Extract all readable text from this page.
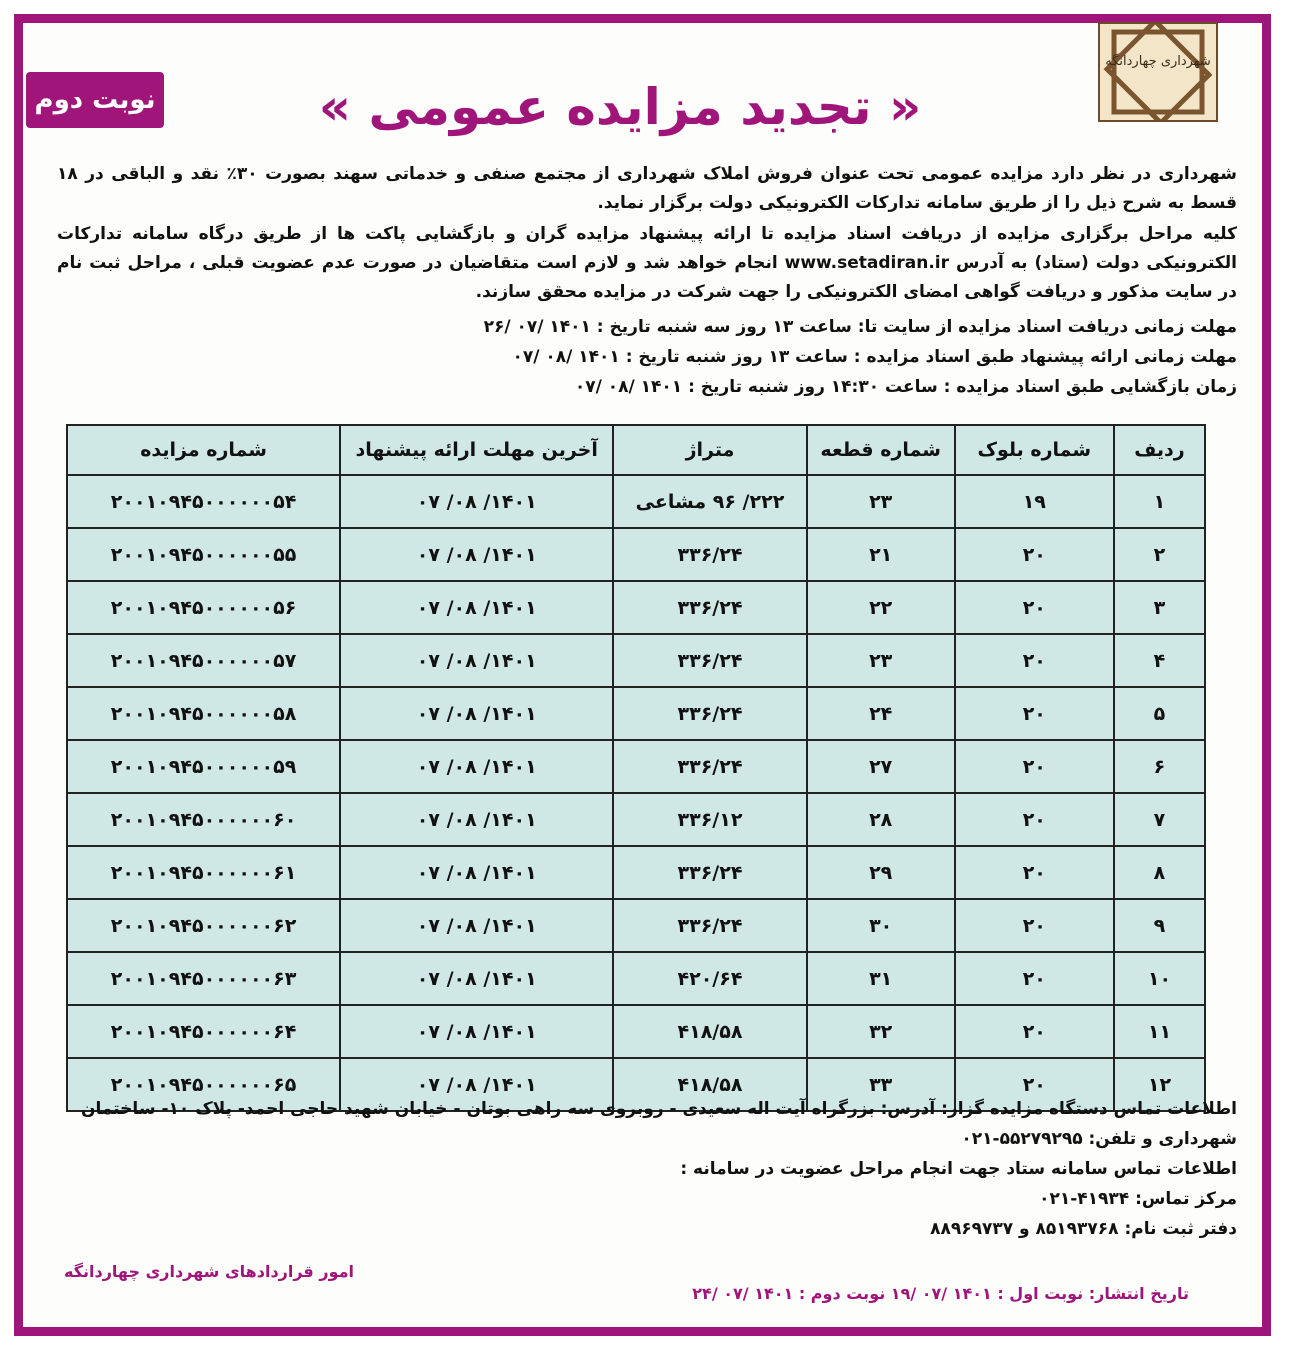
نوبت دوم
شهرداری چهاردانگه
« تجدید مزایده عمومی »

شهرداری در نظر دارد مزایده عمومی تحت عنوان فروش املاک شهرداری از مجتمع صنفی و خدماتی سهند بصورت ۳۰٪ نقد و الباقی در ۱۸ قسط به شرح ذیل را از طریق سامانه تدارکات الکترونیکی دولت برگزار نماید.

کلیه مراحل برگزاری مزایده از دریافت اسناد مزایده تا ارائه پیشنهاد مزایده گران و بازگشایی پاکت ها از طریق درگاه سامانه تدارکات الکترونیکی دولت (ستاد) به آدرس www.setadiran.ir انجام خواهد شد و لازم است متقاضیان در صورت عدم عضویت قبلی ، مراحل ثبت نام در سایت مذکور و دریافت گواهی امضای الکترونیکی را جهت شرکت در مزایده محقق سازند.

مهلت زمانی دریافت اسناد مزایده از سایت تا: ساعت ۱۳ روز سه شنبه تاریخ : ۱۴۰۱ /۰۷ /۲۶
مهلت زمانی ارائه پیشنهاد طبق اسناد مزایده : ساعت ۱۳ روز شنبه تاریخ : ۱۴۰۱ /۰۸ /۰۷
زمان بازگشایی طبق اسناد مزایده : ساعت ۱۴:۳۰ روز شنبه تاریخ : ۱۴۰۱ /۰۸ /۰۷
ردیف	شماره بلوک	شماره قطعه	متراژ	آخرین مهلت ارائه پیشنهاد	شماره مزایده
۱	۱۹	۲۳	۲۲۲/ ۹۶ مشاعی	۱۴۰۱/ ۰۸/ ۰۷	۲۰۰۱۰۹۴۵۰۰۰۰۰۰۵۴
۲	۲۰	۲۱	۳۳۶/۲۴	۱۴۰۱/ ۰۸/ ۰۷	۲۰۰۱۰۹۴۵۰۰۰۰۰۰۵۵
۳	۲۰	۲۲	۳۳۶/۲۴	۱۴۰۱/ ۰۸/ ۰۷	۲۰۰۱۰۹۴۵۰۰۰۰۰۰۵۶
۴	۲۰	۲۳	۳۳۶/۲۴	۱۴۰۱/ ۰۸/ ۰۷	۲۰۰۱۰۹۴۵۰۰۰۰۰۰۵۷
۵	۲۰	۲۴	۳۳۶/۲۴	۱۴۰۱/ ۰۸/ ۰۷	۲۰۰۱۰۹۴۵۰۰۰۰۰۰۵۸
۶	۲۰	۲۷	۳۳۶/۲۴	۱۴۰۱/ ۰۸/ ۰۷	۲۰۰۱۰۹۴۵۰۰۰۰۰۰۵۹
۷	۲۰	۲۸	۳۳۶/۱۲	۱۴۰۱/ ۰۸/ ۰۷	۲۰۰۱۰۹۴۵۰۰۰۰۰۰۶۰
۸	۲۰	۲۹	۳۳۶/۲۴	۱۴۰۱/ ۰۸/ ۰۷	۲۰۰۱۰۹۴۵۰۰۰۰۰۰۶۱
۹	۲۰	۳۰	۳۳۶/۲۴	۱۴۰۱/ ۰۸/ ۰۷	۲۰۰۱۰۹۴۵۰۰۰۰۰۰۶۲
۱۰	۲۰	۳۱	۴۲۰/۶۴	۱۴۰۱/ ۰۸/ ۰۷	۲۰۰۱۰۹۴۵۰۰۰۰۰۰۶۳
۱۱	۲۰	۳۲	۴۱۸/۵۸	۱۴۰۱/ ۰۸/ ۰۷	۲۰۰۱۰۹۴۵۰۰۰۰۰۰۶۴
۱۲	۲۰	۳۳	۴۱۸/۵۸	۱۴۰۱/ ۰۸/ ۰۷	۲۰۰۱۰۹۴۵۰۰۰۰۰۰۶۵
اطلاعات تماس دستگاه مزایده گزار: آدرس: بزرگراه آیت اله سعیدی - روبروی سه راهی بوتان - خیابان شهید حاجی احمد- پلاک ۱۰- ساختمان شهرداری و تلفن: ۵۵۲۷۹۲۹۵-۰۲۱
اطلاعات تماس سامانه ستاد جهت انجام مراحل عضویت در سامانه :
مرکز تماس: ۴۱۹۳۴-۰۲۱
دفتر ثبت نام: ۸۵۱۹۳۷۶۸ و ۸۸۹۶۹۷۳۷
امور قراردادهای شهرداری چهاردانگه
تاریخ انتشار: نوبت اول : ۱۴۰۱ /۰۷ /۱۹ نوبت دوم : ۱۴۰۱ /۰۷ /۲۴
